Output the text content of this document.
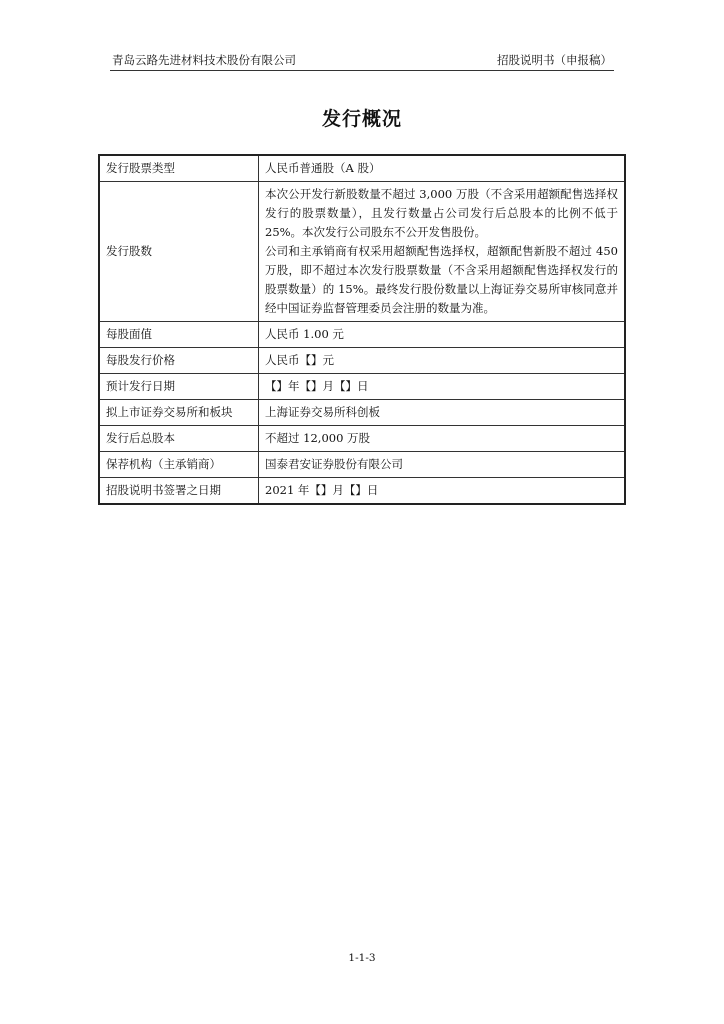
青岛云路先进材料技术股份有限公司	招股说明书（申报稿）
发行概况
发行股票类型	人民币普通股（A 股）
发行股数	本次公开发行新股数量不超过 3,000 万股（不含采用超额配售选择权发行的股票数量），且发行数量占公司发行后总股本的比例不低于 25%。本次发行公司股东不公开发售股份。

公司和主承销商有权采用超额配售选择权，超额配售新股不超过 450 万股，即不超过本次发行股票数量（不含采用超额配售选择权发行的股票数量）的 15%。最终发行股份数量以上海证券交易所审核同意并经中国证券监督管理委员会注册的数量为准。

每股面值	人民币 1.00 元
每股发行价格	人民币【】元
预计发行日期	【】年【】月【】日
拟上市证券交易所和板块	上海证券交易所科创板
发行后总股本	不超过 12,000 万股
保荐机构（主承销商）	国泰君安证券股份有限公司
招股说明书签署之日期	2021 年【】月【】日
1-1-3
